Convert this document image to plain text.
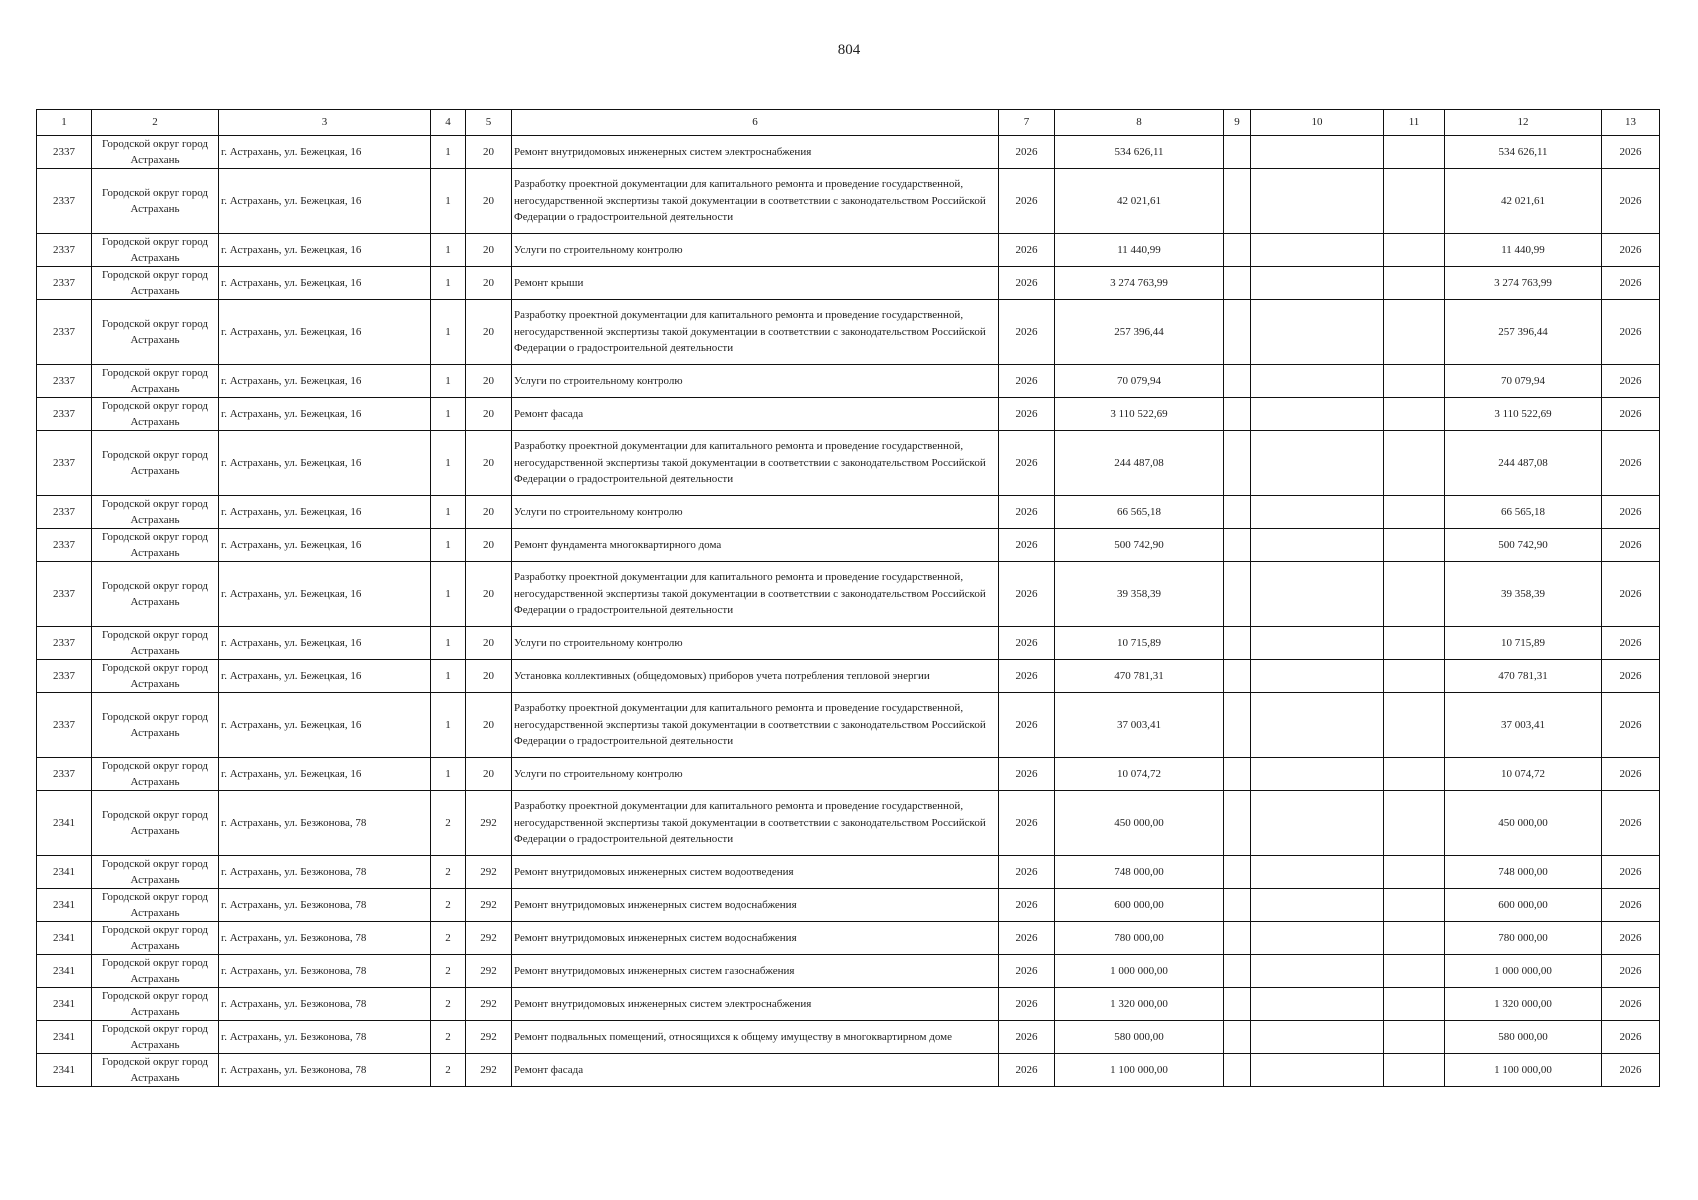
804
1	2	3	4	5	6	7	8	9	10	11	12	13
2337	Городской округ город Астрахань	г. Астрахань, ул. Бежецкая, 16	1	20	Ремонт внутридомовых инженерных систем электроснабжения	2026	534 626,11				534 626,11	2026
2337	Городской округ город Астрахань	г. Астрахань, ул. Бежецкая, 16	1	20	Разработку проектной документации для капитального ремонта и проведение государственной, негосударственной экспертизы такой документации в соответствии с законодательством Российской Федерации о градостроительной деятельности	2026	42 021,61				42 021,61	2026
2337	Городской округ город Астрахань	г. Астрахань, ул. Бежецкая, 16	1	20	Услуги по строительному контролю	2026	11 440,99				11 440,99	2026
2337	Городской округ город Астрахань	г. Астрахань, ул. Бежецкая, 16	1	20	Ремонт крыши	2026	3 274 763,99				3 274 763,99	2026
2337	Городской округ город Астрахань	г. Астрахань, ул. Бежецкая, 16	1	20	Разработку проектной документации для капитального ремонта и проведение государственной, негосударственной экспертизы такой документации в соответствии с законодательством Российской Федерации о градостроительной деятельности	2026	257 396,44				257 396,44	2026
2337	Городской округ город Астрахань	г. Астрахань, ул. Бежецкая, 16	1	20	Услуги по строительному контролю	2026	70 079,94				70 079,94	2026
2337	Городской округ город Астрахань	г. Астрахань, ул. Бежецкая, 16	1	20	Ремонт фасада	2026	3 110 522,69				3 110 522,69	2026
2337	Городской округ город Астрахань	г. Астрахань, ул. Бежецкая, 16	1	20	Разработку проектной документации для капитального ремонта и проведение государственной, негосударственной экспертизы такой документации в соответствии с законодательством Российской Федерации о градостроительной деятельности	2026	244 487,08				244 487,08	2026
2337	Городской округ город Астрахань	г. Астрахань, ул. Бежецкая, 16	1	20	Услуги по строительному контролю	2026	66 565,18				66 565,18	2026
2337	Городской округ город Астрахань	г. Астрахань, ул. Бежецкая, 16	1	20	Ремонт фундамента многоквартирного дома	2026	500 742,90				500 742,90	2026
2337	Городской округ город Астрахань	г. Астрахань, ул. Бежецкая, 16	1	20	Разработку проектной документации для капитального ремонта и проведение государственной, негосударственной экспертизы такой документации в соответствии с законодательством Российской Федерации о градостроительной деятельности	2026	39 358,39				39 358,39	2026
2337	Городской округ город Астрахань	г. Астрахань, ул. Бежецкая, 16	1	20	Услуги по строительному контролю	2026	10 715,89				10 715,89	2026
2337	Городской округ город Астрахань	г. Астрахань, ул. Бежецкая, 16	1	20	Установка коллективных (общедомовых) приборов учета потребления тепловой энергии	2026	470 781,31				470 781,31	2026
2337	Городской округ город Астрахань	г. Астрахань, ул. Бежецкая, 16	1	20	Разработку проектной документации для капитального ремонта и проведение государственной, негосударственной экспертизы такой документации в соответствии с законодательством Российской Федерации о градостроительной деятельности	2026	37 003,41				37 003,41	2026
2337	Городской округ город Астрахань	г. Астрахань, ул. Бежецкая, 16	1	20	Услуги по строительному контролю	2026	10 074,72				10 074,72	2026
2341	Городской округ город Астрахань	г. Астрахань, ул. Безжонова, 78	2	292	Разработку проектной документации для капитального ремонта и проведение государственной, негосударственной экспертизы такой документации в соответствии с законодательством Российской Федерации о градостроительной деятельности	2026	450 000,00				450 000,00	2026
2341	Городской округ город Астрахань	г. Астрахань, ул. Безжонова, 78	2	292	Ремонт внутридомовых инженерных систем водоотведения	2026	748 000,00				748 000,00	2026
2341	Городской округ город Астрахань	г. Астрахань, ул. Безжонова, 78	2	292	Ремонт внутридомовых инженерных систем водоснабжения	2026	600 000,00				600 000,00	2026
2341	Городской округ город Астрахань	г. Астрахань, ул. Безжонова, 78	2	292	Ремонт внутридомовых инженерных систем водоснабжения	2026	780 000,00				780 000,00	2026
2341	Городской округ город Астрахань	г. Астрахань, ул. Безжонова, 78	2	292	Ремонт внутридомовых инженерных систем газоснабжения	2026	1 000 000,00				1 000 000,00	2026
2341	Городской округ город Астрахань	г. Астрахань, ул. Безжонова, 78	2	292	Ремонт внутридомовых инженерных систем электроснабжения	2026	1 320 000,00				1 320 000,00	2026
2341	Городской округ город Астрахань	г. Астрахань, ул. Безжонова, 78	2	292	Ремонт подвальных помещений, относящихся к общему имуществу в многоквартирном доме	2026	580 000,00				580 000,00	2026
2341	Городской округ город Астрахань	г. Астрахань, ул. Безжонова, 78	2	292	Ремонт фасада	2026	1 100 000,00				1 100 000,00	2026
